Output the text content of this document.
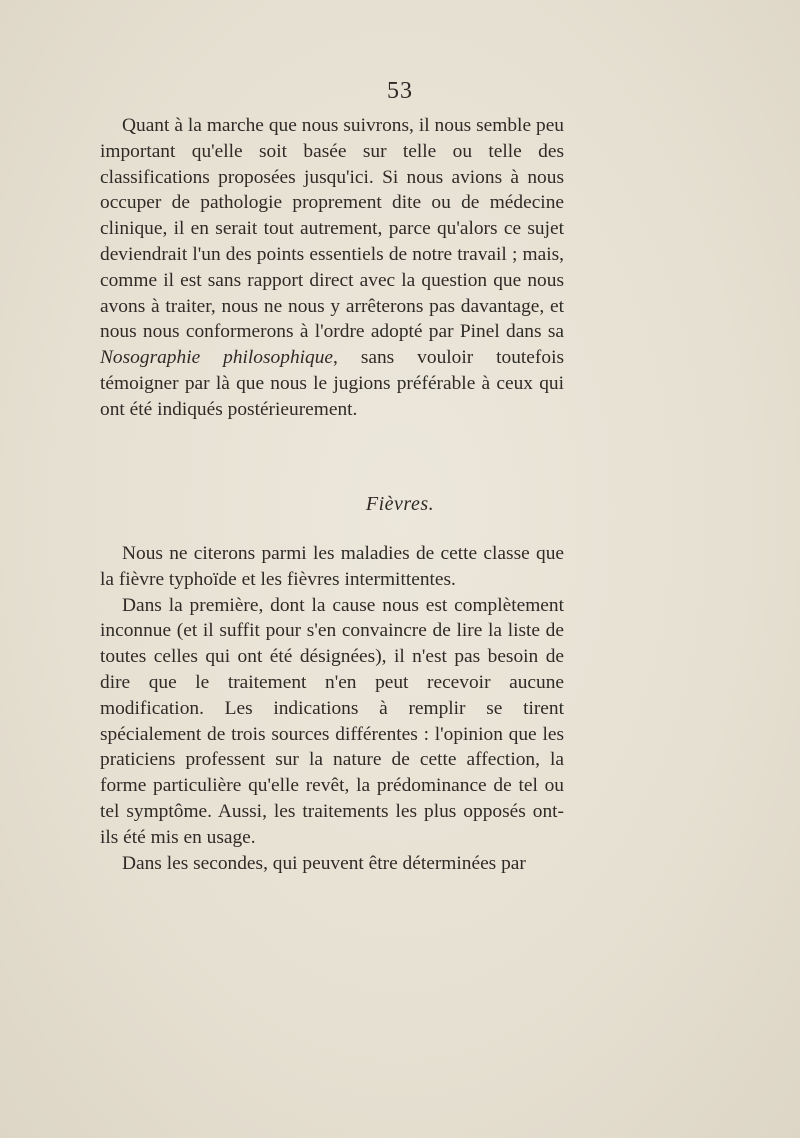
53

Quant à la marche que nous suivrons, il nous semble peu important qu'elle soit basée sur telle ou telle des classifications proposées jusqu'ici. Si nous avions à nous occuper de pathologie proprement dite ou de médecine clinique, il en serait tout autrement, parce qu'alors ce sujet deviendrait l'un des points essentiels de notre travail ; mais, comme il est sans rapport direct avec la question que nous avons à traiter, nous ne nous y arrêterons pas davantage, et nous nous conformerons à l'ordre adopté par Pinel dans sa Nosographie philosophique, sans vouloir toutefois témoigner par là que nous le jugions préférable à ceux qui ont été indiqués postérieurement.

Fièvres.

Nous ne citerons parmi les maladies de cette classe que la fièvre typhoïde et les fièvres intermittentes.

Dans la première, dont la cause nous est complètement inconnue (et il suffit pour s'en convaincre de lire la liste de toutes celles qui ont été désignées), il n'est pas besoin de dire que le traitement n'en peut recevoir aucune modification. Les indications à remplir se tirent spécialement de trois sources différentes : l'opinion que les praticiens professent sur la nature de cette affection, la forme particulière qu'elle revêt, la prédominance de tel ou tel symptôme. Aussi, les traitements les plus opposés ont-ils été mis en usage.

Dans les secondes, qui peuvent être déterminées par
